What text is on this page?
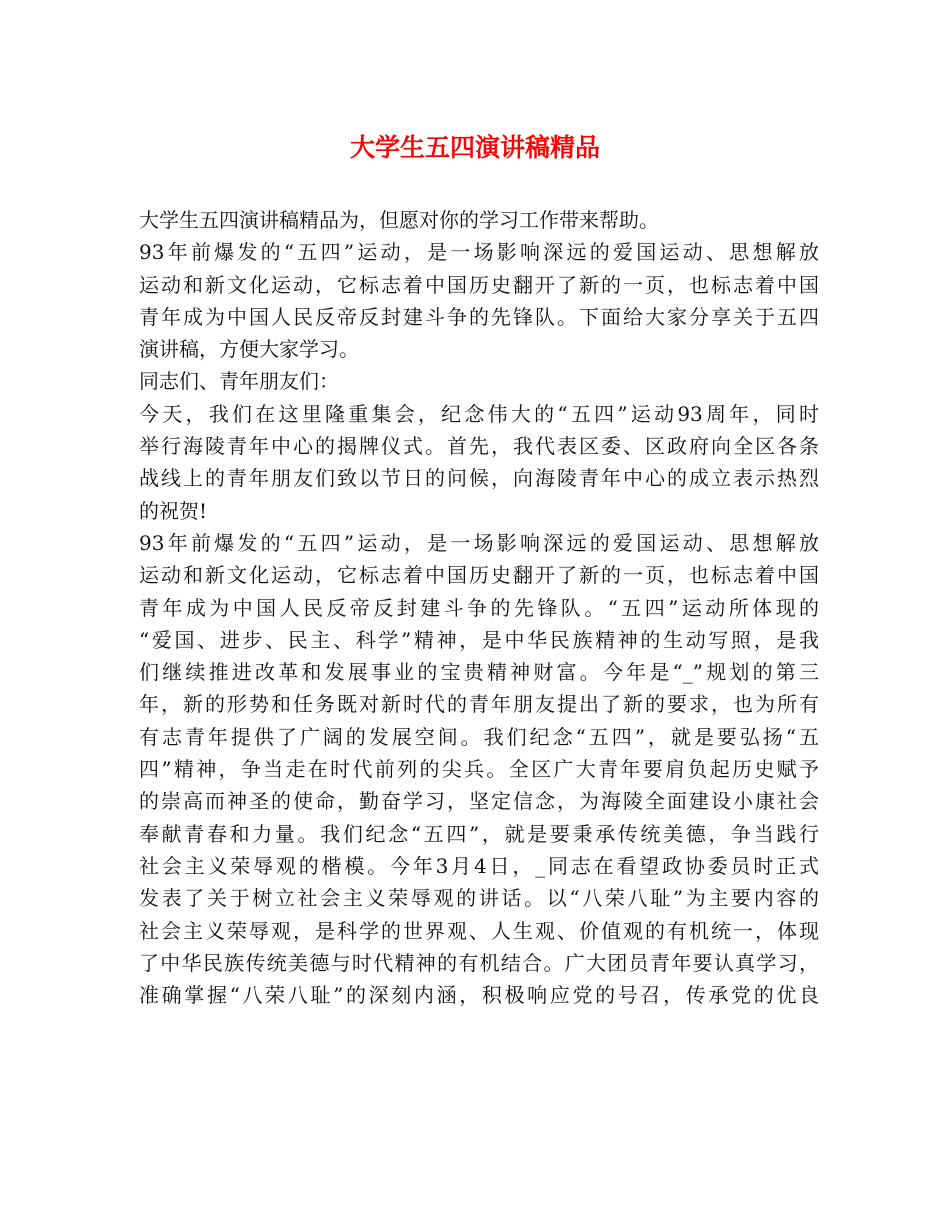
大学生五四演讲稿精品
大学生五四演讲稿精品为，但愿对你的学习工作带来帮助。
93年前爆发的“五四”运动，是一场影响深远的爱国运动、思想解放
运动和新文化运动，它标志着中国历史翻开了新的一页，也标志着中国
青年成为中国人民反帝反封建斗争的先锋队。下面给大家分享关于五四
演讲稿，方便大家学习。
同志们、青年朋友们：
今天，我们在这里隆重集会，纪念伟大的“五四”运动93周年，同时
举行海陵青年中心的揭牌仪式。首先，我代表区委、区政府向全区各条
战线上的青年朋友们致以节日的问候，向海陵青年中心的成立表示热烈
的祝贺!
93年前爆发的“五四”运动，是一场影响深远的爱国运动、思想解放
运动和新文化运动，它标志着中国历史翻开了新的一页，也标志着中国
青年成为中国人民反帝反封建斗争的先锋队。“五四”运动所体现的
“爱国、进步、民主、科学”精神，是中华民族精神的生动写照，是我
们继续推进改革和发展事业的宝贵精神财富。今年是“_”规划的第三
年，新的形势和任务既对新时代的青年朋友提出了新的要求，也为所有
有志青年提供了广阔的发展空间。我们纪念“五四”，就是要弘扬“五
四”精神，争当走在时代前列的尖兵。全区广大青年要肩负起历史赋予
的崇高而神圣的使命，勤奋学习，坚定信念，为海陵全面建设小康社会
奉献青春和力量。我们纪念“五四”，就是要秉承传统美德，争当践行
社会主义荣辱观的楷模。今年3月4日，_同志在看望政协委员时正式
发表了关于树立社会主义荣辱观的讲话。以“八荣八耻”为主要内容的
社会主义荣辱观，是科学的世界观、人生观、价值观的有机统一，体现
了中华民族传统美德与时代精神的有机结合。广大团员青年要认真学习，
准确掌握“八荣八耻”的深刻内涵，积极响应党的号召，传承党的优良
